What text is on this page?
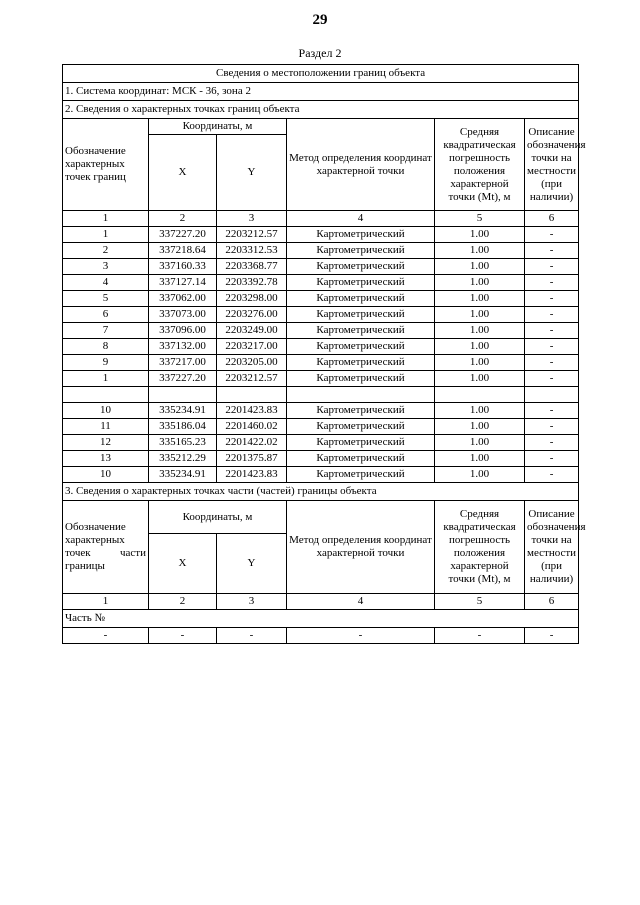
29
Раздел 2
Сведения о местоположении границ объекта					
1. Система координат: МСК - 36, зона 2					
2. Сведения о характерных точках границ объекта					
Обозначение характерных точек границ	Координаты, м		Метод определения координат характерной точки	Средняя квадратическая погрешность положения характерной точки (Mt), м	Описание обозначения точки на местности (при наличии)
	X	Y			
1	2	3	4	5	6
1	337227.20	2203212.57	Картометрический	1.00	-
2	337218.64	2203312.53	Картометрический	1.00	-
3	337160.33	2203368.77	Картометрический	1.00	-
4	337127.14	2203392.78	Картометрический	1.00	-
5	337062.00	2203298.00	Картометрический	1.00	-
6	337073.00	2203276.00	Картометрический	1.00	-
7	337096.00	2203249.00	Картометрический	1.00	-
8	337132.00	2203217.00	Картометрический	1.00	-
9	337217.00	2203205.00	Картометрический	1.00	-
1	337227.20	2203212.57	Картометрический	1.00	-

10	335234.91	2201423.83	Картометрический	1.00	-
11	335186.04	2201460.02	Картометрический	1.00	-
12	335165.23	2201422.02	Картометрический	1.00	-
13	335212.29	2201375.87	Картометрический	1.00	-
10	335234.91	2201423.83	Картометрический	1.00	-
3. Сведения о характерных точках части (частей) границы объекта					
Обозначение характерных точек части границы	Координаты, м		Метод определения координат характерной точки	Средняя квадратическая погрешность положения характерной точки (Mt), м	Описание обозначения точки на местности (при наличии)
	X	Y			
1	2	3	4	5	6
Часть №					
-	-	-	-	-	-
